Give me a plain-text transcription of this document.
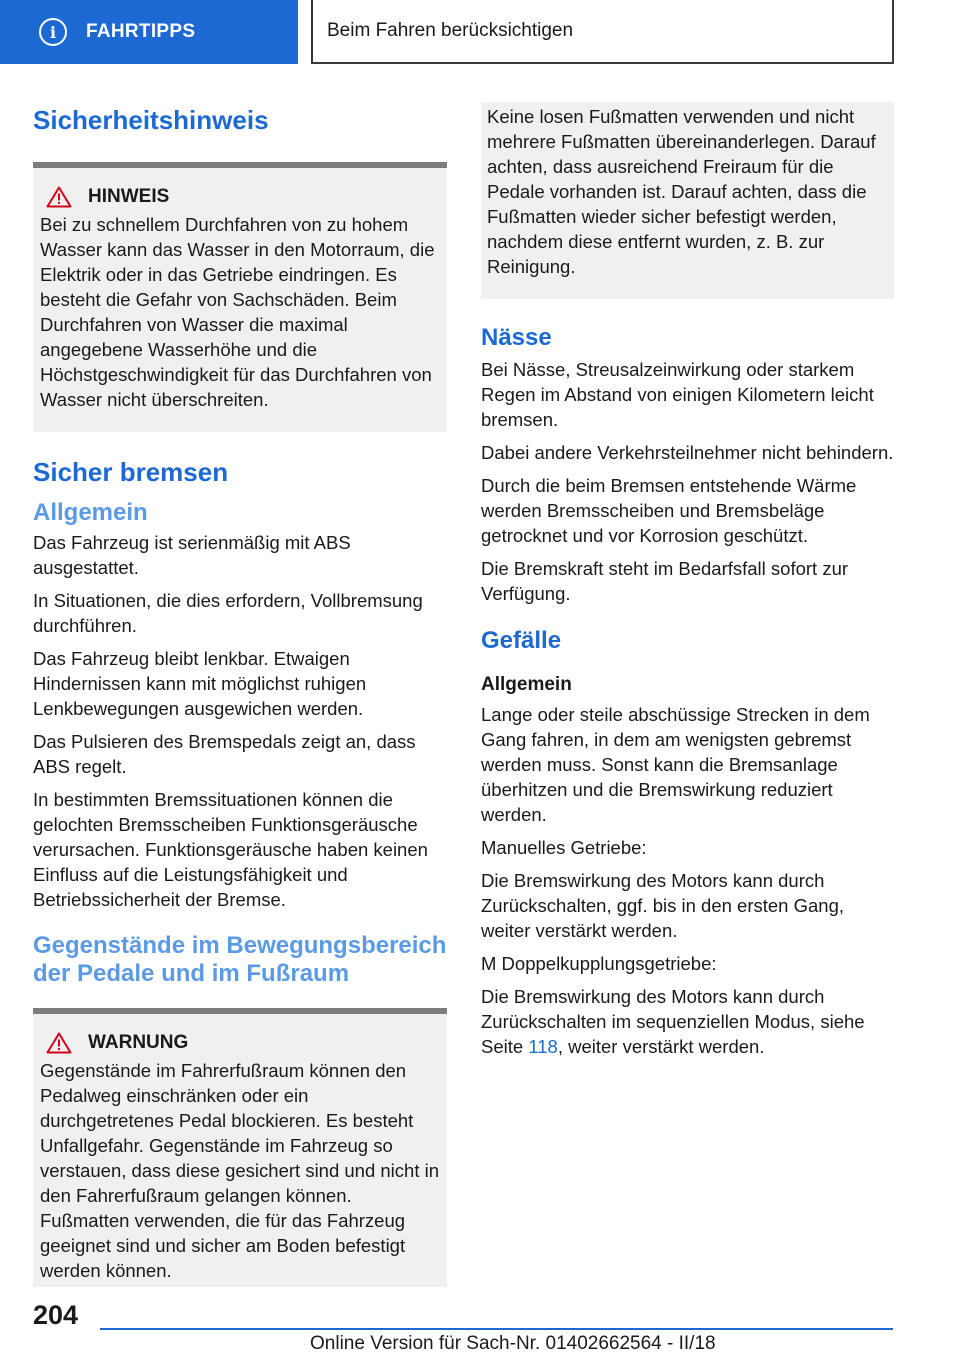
i	FAHRTIPPS	Beim Fahren berücksichtigen
Sicherheitshinweis
HINWEIS

Bei zu schnellem Durchfahren von zu hohem Wasser kann das Wasser in den Motorraum, die Elektrik oder in das Getriebe eindringen. Es besteht die Gefahr von Sachschäden. Beim Durchfahren von Wasser die maximal angegebene Wasserhöhe und die Höchstgeschwindigkeit für das Durchfahren von Wasser nicht überschreiten.

Sicher bremsen
Allgemein

Das Fahrzeug ist serienmäßig mit ABS ausgestattet.

In Situationen, die dies erfordern, Vollbremsung durchführen.

Das Fahrzeug bleibt lenkbar. Etwaigen Hindernissen kann mit möglichst ruhigen Lenkbewegungen ausgewichen werden.

Das Pulsieren des Bremspedals zeigt an, dass ABS regelt.

In bestimmten Bremssituationen können die gelochten Bremsscheiben Funktionsgeräusche verursachen. Funktionsgeräusche haben keinen Einfluss auf die Leistungsfähigkeit und Betriebssicherheit der Bremse.

Gegenstände im Bewegungsbereich der Pedale und im Fußraum
WARNUNG

Gegenstände im Fahrerfußraum können den Pedalweg einschränken oder ein durchgetretenes Pedal blockieren. Es besteht Unfallgefahr. Gegenstände im Fahrzeug so verstauen, dass diese gesichert sind und nicht in den Fahrerfußraum gelangen können. Fußmatten verwenden, die für das Fahrzeug geeignet sind und sicher am Boden befestigt werden können.

Keine losen Fußmatten verwenden und nicht mehrere Fußmatten übereinanderlegen. Darauf achten, dass ausreichend Freiraum für die Pedale vorhanden ist. Darauf achten, dass die Fußmatten wieder sicher befestigt werden, nachdem diese entfernt wurden, z. B. zur Reinigung.

Nässe

Bei Nässe, Streusalzeinwirkung oder starkem Regen im Abstand von einigen Kilometern leicht bremsen.

Dabei andere Verkehrsteilnehmer nicht behindern.

Durch die beim Bremsen entstehende Wärme werden Bremsscheiben und Bremsbeläge getrocknet und vor Korrosion geschützt.

Die Bremskraft steht im Bedarfsfall sofort zur Verfügung.

Gefälle
Allgemein

Lange oder steile abschüssige Strecken in dem Gang fahren, in dem am wenigsten gebremst werden muss. Sonst kann die Bremsanlage überhitzen und die Bremswirkung reduziert werden.

Manuelles Getriebe:

Die Bremswirkung des Motors kann durch Zurückschalten, ggf. bis in den ersten Gang, weiter verstärkt werden.

M Doppelkupplungsgetriebe:

Die Bremswirkung des Motors kann durch Zurückschalten im sequenziellen Modus, siehe Seite 118, weiter verstärkt werden.

204
Online Version für Sach-Nr. 01402662564 - II/18
